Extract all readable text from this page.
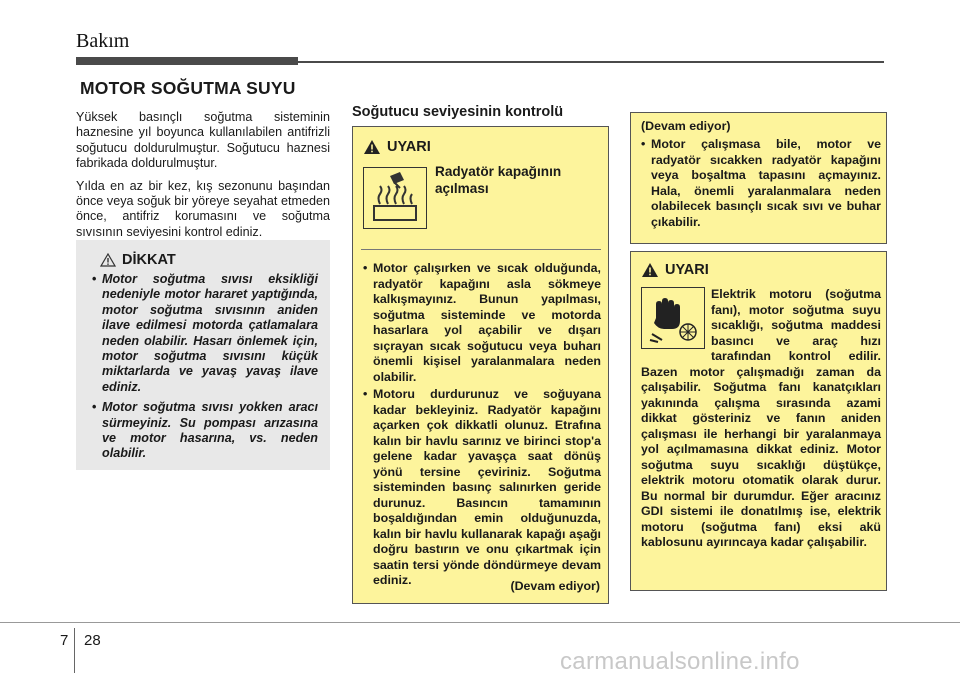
Bakım
MOTOR SOĞUTMA SUYU

Yüksek basınçlı soğutma sisteminin haznesine yıl boyunca kullanılabilen antifrizli soğutucu doldurulmuştur. Soğutucu haznesi fabrikada doldurulmuştur.

Yılda en az bir kez, kış sezonunu başından önce veya soğuk bir yöreye seyahat etmeden önce, antifriz korumasını ve soğutma sıvısının seviyesini kontrol ediniz.

DİKKAT
• Motor soğutma sıvısı eksikliği nedeniyle motor hararet yaptığında, motor soğutma sıvısının aniden ilave edilmesi motorda çatlamalara neden olabilir. Hasarı önlemek için, motor soğutma sıvısını küçük miktarlarda ve yavaş yavaş ilave ediniz.
• Motor soğutma sıvısı yokken aracı sürmeyiniz. Su pompası arızasına ve motor hasarına, vs. neden olabilir.
Soğutucu seviyesinin kontrolü
UYARI
Radyatör kapağının açılması
• Motor çalışırken ve sıcak olduğunda, radyatör kapağını asla sökmeye kalkışmayınız. Bunun yapılması, soğutma sisteminde ve motorda hasarlara yol açabilir ve dışarı sıçrayan sıcak soğutucu veya buharı önemli kişisel yaralanmalara neden olabilir.
• Motoru durdurunuz ve soğuyana kadar bekleyiniz. Radyatör kapağını açarken çok dikkatli olunuz. Etrafına kalın bir havlu sarınız ve birinci stop'a gelene kadar yavaşça saat dönüş yönü tersine çeviriniz. Soğutma sisteminden basınç salınırken geride durunuz. Basıncın tamamının boşaldığından emin olduğunuzda, kalın bir havlu kullanarak kapağı aşağı doğru bastırın ve onu çıkartmak için saatin tersi yönde döndürmeye devam ediniz.	(Devam ediyor)
(Devam ediyor)
• Motor çalışmasa bile, motor ve radyatör sıcakken radyatör kapağını veya boşaltma tapasını açmayınız. Hala, önemli yaralanmalara neden olabilecek basınçlı sıcak sıvı ve buhar çıkabilir.
UYARI
Elektrik motoru (soğutma fanı), motor soğutma suyu sıcaklığı, soğutma maddesi basıncı ve araç hızı tarafından kontrol edilir. Bazen motor çalışmadığı zaman da çalışabilir. Soğutma fanı kanatçıkları yakınında çalışma sırasında azami dikkat gösteriniz ve fanın aniden çalışması ile herhangi bir yaralanmaya yol açılmamasına dikkat ediniz. Motor soğutma suyu sıcaklığı düştükçe, elektrik motoru otomatik olarak durur. Bu normal bir durumdur. Eğer aracınız GDI sistemi ile donatılmış ise, elektrik motoru (soğutma fanı) eksi akü kablosunu ayırıncaya kadar çalışabilir.
7 28
carmanualsonline.info
